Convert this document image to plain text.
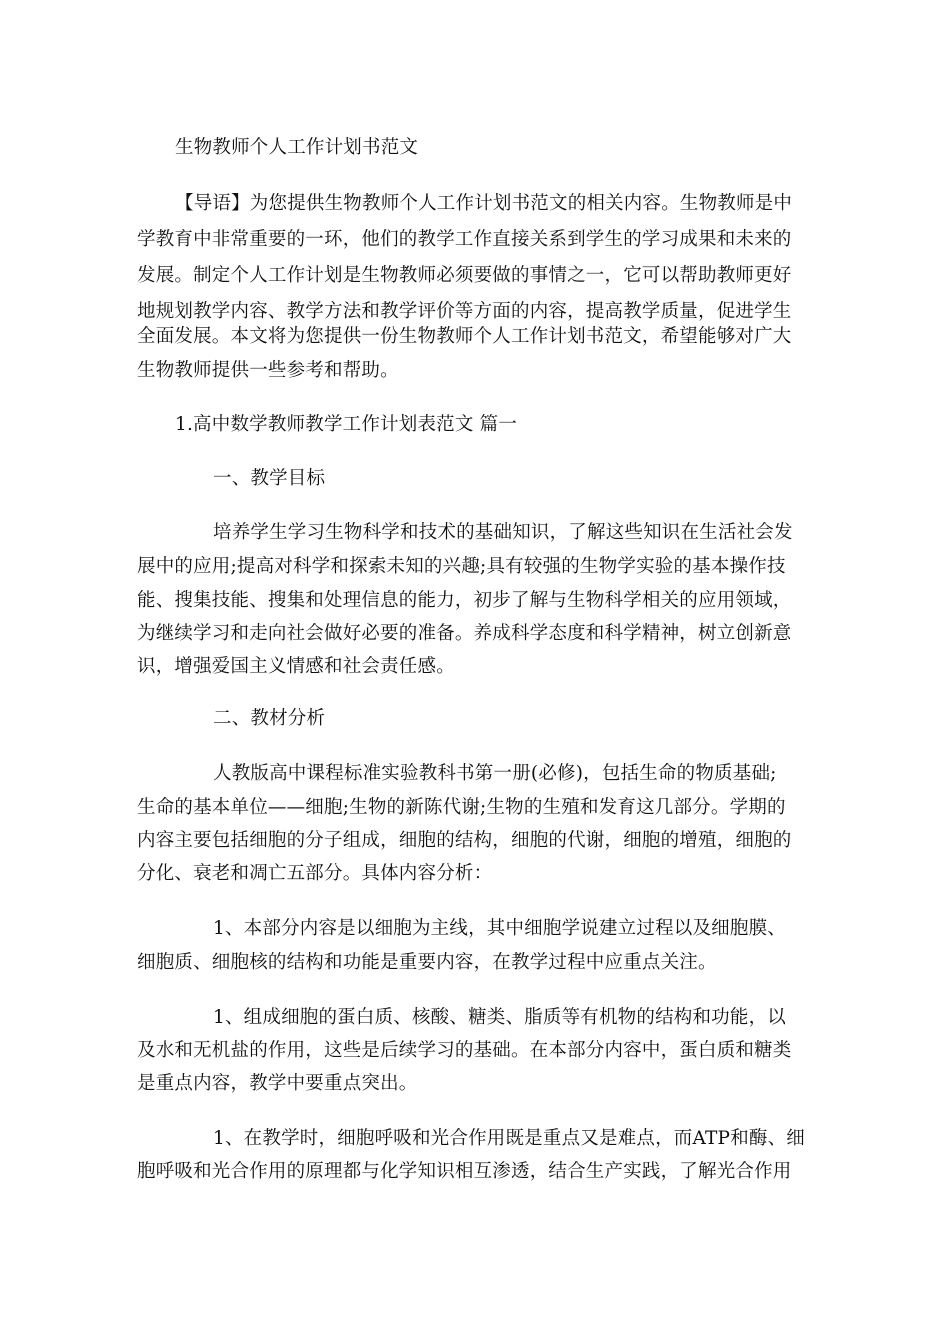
生物教师个人工作计划书范文
【导语】为您提供生物教师个人工作计划书范文的相关内容。生物教师是中
学教育中非常重要的一环，他们的教学工作直接关系到学生的学习成果和未来的
发展。制定个人工作计划是生物教师必须要做的事情之一，它可以帮助教师更好
地规划教学内容、教学方法和教学评价等方面的内容，提高教学质量，促进学生
全面发展。本文将为您提供一份生物教师个人工作计划书范文，希望能够对广大
生物教师提供一些参考和帮助。
1.高中数学教师教学工作计划表范文 篇一
一、教学目标
培养学生学习生物科学和技术的基础知识，了解这些知识在生活社会发
展中的应用;提高对科学和探索未知的兴趣;具有较强的生物学实验的基本操作技
能、搜集技能、搜集和处理信息的能力，初步了解与生物科学相关的应用领域，
为继续学习和走向社会做好必要的准备。养成科学态度和科学精神，树立创新意
识，增强爱国主义情感和社会责任感。
二、教材分析
人教版高中课程标准实验教科书第一册(必修)，包括生命的物质基础;
生命的基本单位——细胞;生物的新陈代谢;生物的生殖和发育这几部分。学期的
内容主要包括细胞的分子组成，细胞的结构，细胞的代谢，细胞的增殖，细胞的
分化、衰老和凋亡五部分。具体内容分析：
1、本部分内容是以细胞为主线，其中细胞学说建立过程以及细胞膜、
细胞质、细胞核的结构和功能是重要内容，在教学过程中应重点关注。
1、组成细胞的蛋白质、核酸、糖类、脂质等有机物的结构和功能，以
及水和无机盐的作用，这些是后续学习的基础。在本部分内容中，蛋白质和糖类
是重点内容，教学中要重点突出。
1、在教学时，细胞呼吸和光合作用既是重点又是难点，而ATP和酶、细
胞呼吸和光合作用的原理都与化学知识相互渗透，结合生产实践，了解光合作用
